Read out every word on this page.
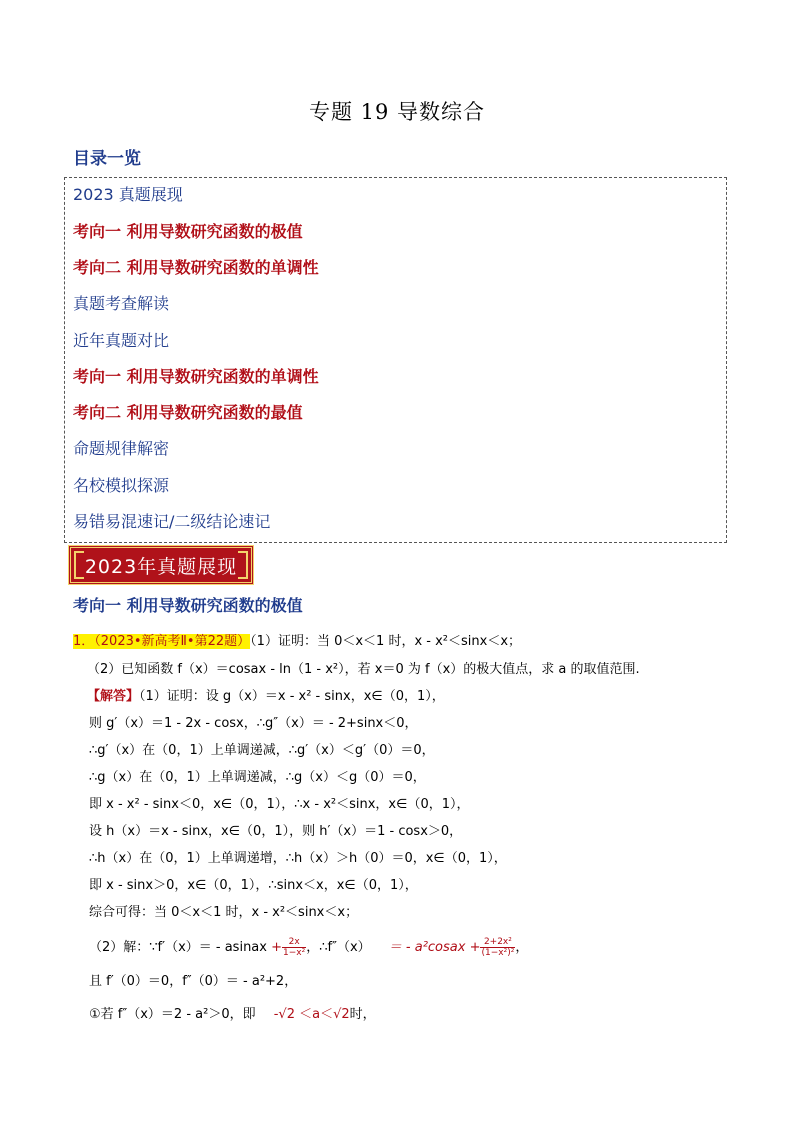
专题 19 导数综合
目录一览
2023 真题展现
考向一 利用导数研究函数的极值
考向二 利用导数研究函数的单调性
真题考查解读
近年真题对比
考向一 利用导数研究函数的单调性
考向二 利用导数研究函数的最值
命题规律解密
名校模拟探源
易错易混速记/二级结论速记
2023年真题展现
考向一 利用导数研究函数的极值
1．（2023•新高考Ⅱ•第22题）（1）证明：当 0＜x＜1 时，x - x²＜sinx＜x；
（2）已知函数 f（x）＝cosax - ln（1 - x²），若 x＝0 为 f（x）的极大值点，求 a 的取值范围.
【解答】（1）证明：设 g（x）＝x - x² - sinx，x∈（0，1），
则 g′（x）＝1 - 2x - cosx，∴g″（x）＝ - 2+sinx＜0，
∴g′（x）在（0，1）上单调递减，∴g′（x）＜g′（0）＝0，
∴g（x）在（0，1）上单调递减，∴g（x）＜g（0）＝0，
即 x - x² - sinx＜0，x∈（0，1），∴x - x²＜sinx，x∈（0，1），
设 h（x）＝x - sinx，x∈（0，1），则 h′（x）＝1 - cosx＞0，
∴h（x）在（0，1）上单调递增，∴h（x）＞h（0）＝0，x∈（0，1），
即 x - sinx＞0，x∈（0，1），∴sinx＜x，x∈（0，1），
综合可得：当 0＜x＜1 时，x - x²＜sinx＜x；
（2）解：∵f′（x）＝ - asinax + $\frac{2x}{\text{1−x²}}$ ，∴f″（x） ＝ - a²cosax + $\frac{\text{2+2x²}}{\text{(1−x²)²}}$ ，
且 f′（0）＝0，f″（0）＝ - a²+2，
①若 f″（x）＝2 - a²＞0，即 -√2 ＜a＜√2时，
